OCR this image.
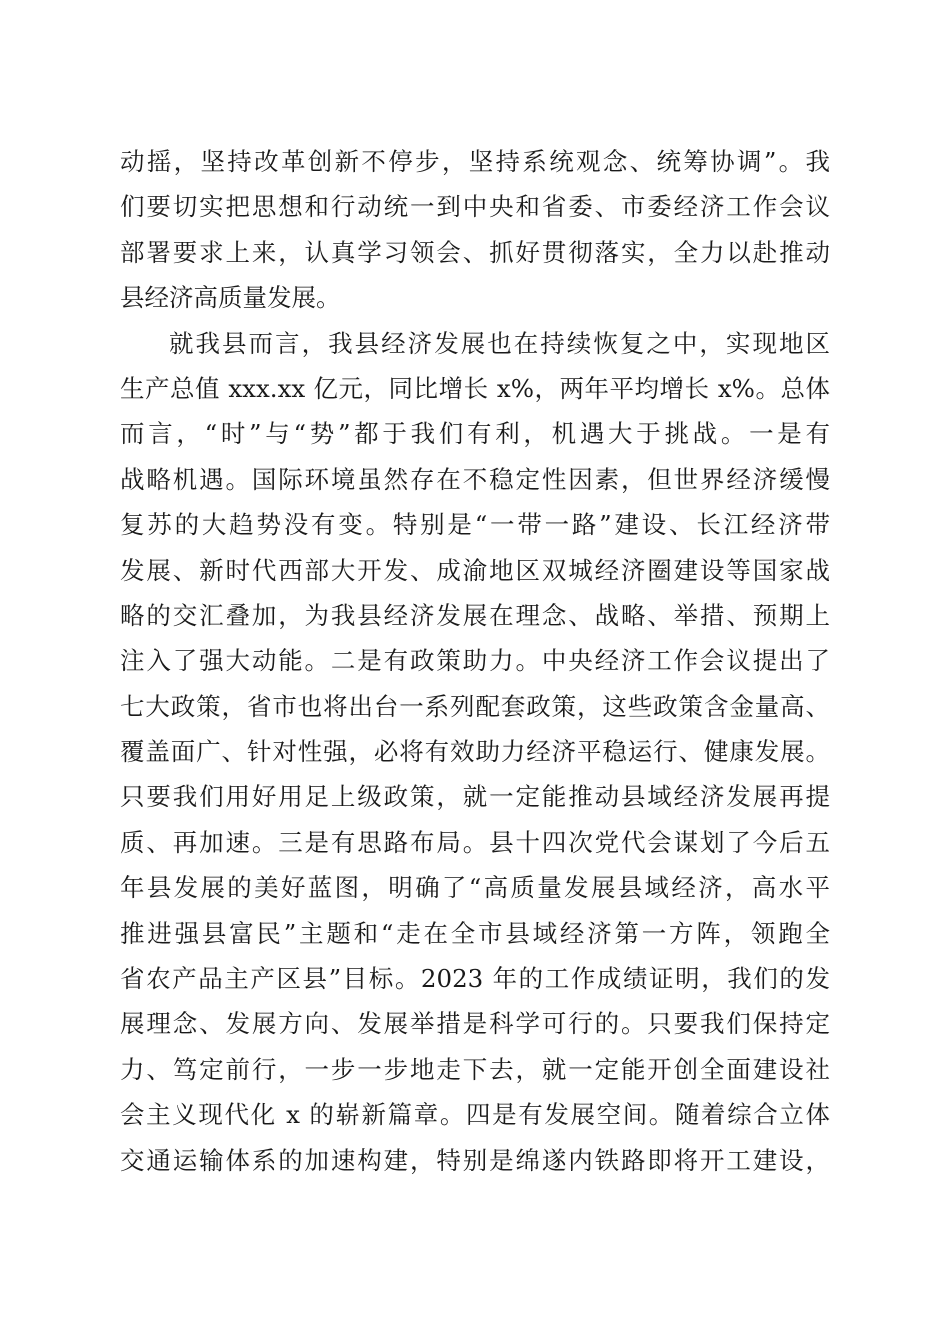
动摇，坚持改革创新不停步，坚持系统观念、统筹协调”。我
们要切实把思想和行动统一到中央和省委、市委经济工作会议
部署要求上来，认真学习领会、抓好贯彻落实，全力以赴推动
县经济高质量发展。
就我县而言，我县经济发展也在持续恢复之中，实现地区
生产总值 xxx.xx 亿元，同比增长 x%，两年平均增长 x%。总体
而言，“时”与“势”都于我们有利，机遇大于挑战。一是有
战略机遇。国际环境虽然存在不稳定性因素，但世界经济缓慢
复苏的大趋势没有变。特别是“一带一路”建设、长江经济带
发展、新时代西部大开发、成渝地区双城经济圈建设等国家战
略的交汇叠加，为我县经济发展在理念、战略、举措、预期上
注入了强大动能。二是有政策助力。中央经济工作会议提出了
七大政策，省市也将出台一系列配套政策，这些政策含金量高、
覆盖面广、针对性强，必将有效助力经济平稳运行、健康发展。
只要我们用好用足上级政策，就一定能推动县域经济发展再提
质、再加速。三是有思路布局。县十四次党代会谋划了今后五
年县发展的美好蓝图，明确了“高质量发展县域经济，高水平
推进强县富民”主题和“走在全市县域经济第一方阵，领跑全
省农产品主产区县”目标。2023 年的工作成绩证明，我们的发
展理念、发展方向、发展举措是科学可行的。只要我们保持定
力、笃定前行，一步一步地走下去，就一定能开创全面建设社
会主义现代化 x 的崭新篇章。四是有发展空间。随着综合立体
交通运输体系的加速构建，特别是绵遂内铁路即将开工建设，
